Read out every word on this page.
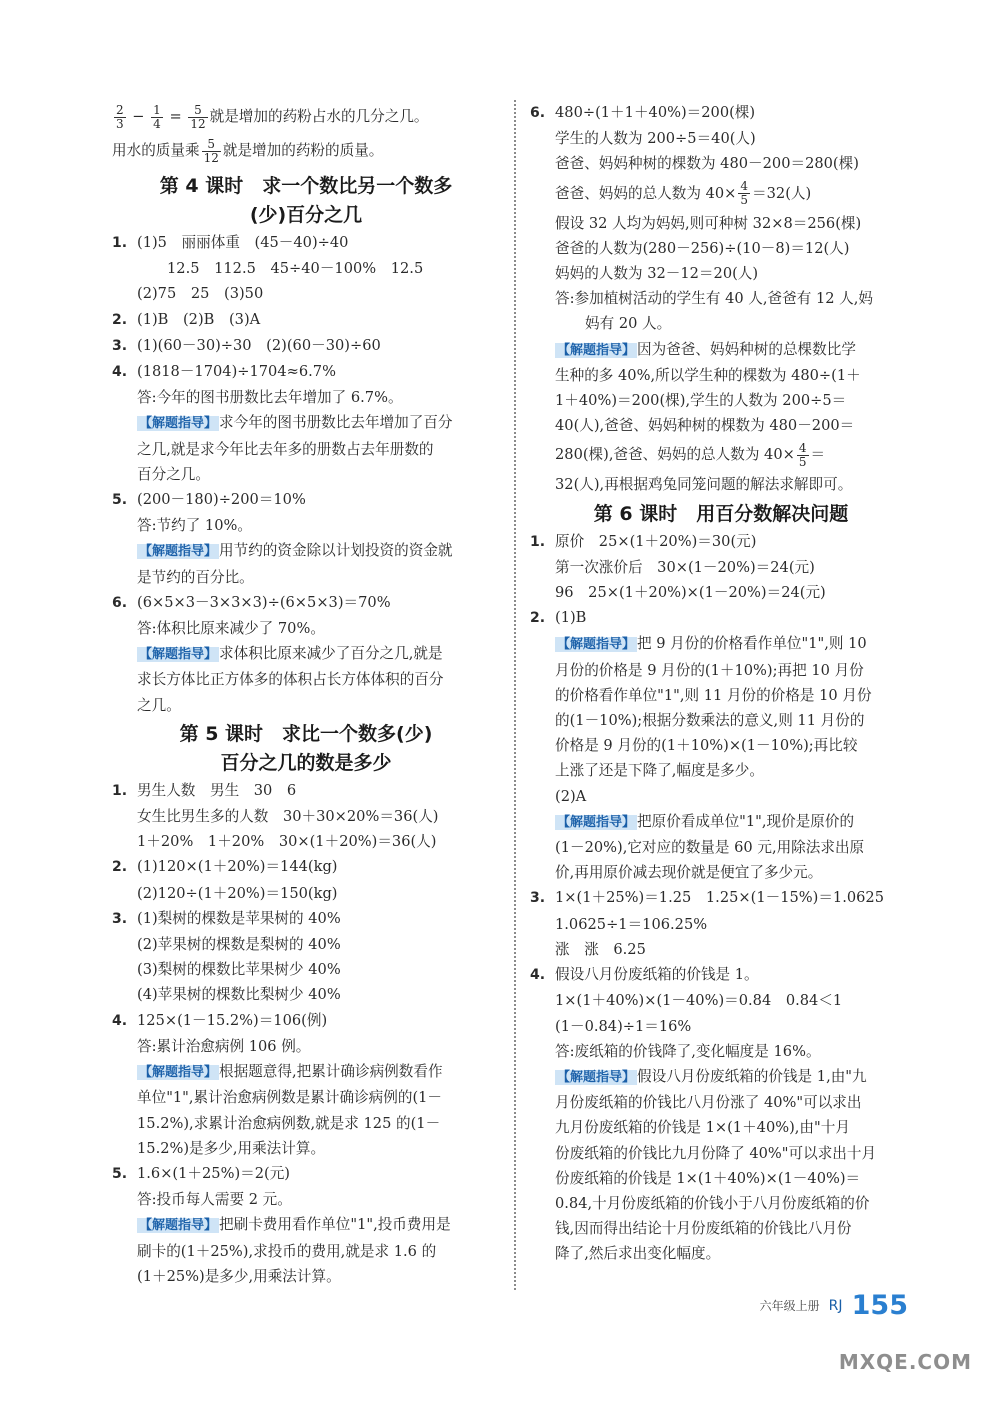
$\frac{2}{3} - \frac{1}{4} = \frac{5}{12}$ 就是增加的药粉占水的几分之几。
用水的质量乘 $\frac{5}{12}$ 就是增加的药粉的质量。
第 4 课时　求一个数比另一个数多
(少)百分之几
1. (1)5　丽丽体重　(45－40)÷40
12.5　112.5　45÷40－100%　12.5
(2)75　25　(3)50
2. (1)B　(2)B　(3)A
3. (1)(60－30)÷30　(2)(60－30)÷60
4. (1818－1704)÷1704≈6.7%
答:今年的图书册数比去年增加了 6.7%。
【解题指导】 求今年的图书册数比去年增加了百分
之几,就是求今年比去年多的册数占去年册数的
百分之几。
5. (200－180)÷200＝10%
答:节约了 10%。
【解题指导】 用节约的资金除以计划投资的资金就
是节约的百分比。
6. (6×5×3－3×3×3)÷(6×5×3)＝70%
答:体积比原来减少了 70%。
【解题指导】 求体积比原来减少了百分之几,就是
求长方体比正方体多的体积占长方体体积的百分
之几。
第 5 课时　求比一个数多(少)
百分之几的数是多少
1. 男生人数　男生　30　6
女生比男生多的人数　30＋30×20%＝36(人)
1＋20%　1＋20%　30×(1＋20%)＝36(人)
2. (1)120×(1＋20%)＝144(kg)
(2)120÷(1＋20%)＝150(kg)
3. (1)梨树的棵数是苹果树的 40%
(2)苹果树的棵数是梨树的 40%
(3)梨树的棵数比苹果树少 40%
(4)苹果树的棵数比梨树少 40%
4. 125×(1－15.2%)＝106(例)
答:累计治愈病例 106 例。
【解题指导】 根据题意得,把累计确诊病例数看作
单位"1",累计治愈病例数是累计确诊病例的(1－
15.2%),求累计治愈病例数,就是求 125 的(1－
15.2%)是多少,用乘法计算。
5. 1.6×(1＋25%)＝2(元)
答:投币每人需要 2 元。
【解题指导】 把刷卡费用看作单位"1",投币费用是
刷卡的(1＋25%),求投币的费用,就是求 1.6 的
(1＋25%)是多少,用乘法计算。
6. 480÷(1＋1＋40%)＝200(棵)
学生的人数为 200÷5＝40(人)
爸爸、妈妈种树的棵数为 480－200＝280(棵)
爸爸、妈妈的总人数为 $40\times \frac{4}{5} =32$(人)
假设 32 人均为妈妈,则可种树 32×8＝256(棵)
爸爸的人数为(280－256)÷(10－8)＝12(人)
妈妈的人数为 32－12＝20(人)
答:参加植树活动的学生有 40 人,爸爸有 12 人,妈
妈有 20 人。
【解题指导】 因为爸爸、妈妈种树的总棵数比学
生种的多 40%,所以学生种的棵数为 480÷(1＋
1＋40%)＝200(棵),学生的人数为 200÷5＝
40(人),爸爸、妈妈种树的棵数为 480－200＝
280(棵),爸爸、妈妈的总人数为 $40\times \frac{4}{5}$ ＝
32(人),再根据鸡兔同笼问题的解法求解即可。
第 6 课时　用百分数解决问题
1. 原价　25×(1＋20%)＝30(元)
第一次涨价后　30×(1－20%)＝24(元)
96　25×(1＋20%)×(1－20%)＝24(元)
2. (1)B
【解题指导】 把 9 月份的价格看作单位"1",则 10
月份的价格是 9 月份的(1＋10%);再把 10 月份
的价格看作单位"1",则 11 月份的价格是 10 月份
的(1－10%);根据分数乘法的意义,则 11 月份的
价格是 9 月份的(1＋10%)×(1－10%);再比较
上涨了还是下降了,幅度是多少。
(2)A
【解题指导】 把原价看成单位"1",现价是原价的
(1－20%),它对应的数量是 60 元,用除法求出原
价,再用原价减去现价就是便宜了多少元。
3. 1×(1＋25%)＝1.25　1.25×(1－15%)＝1.0625
1.0625÷1＝106.25%
涨　涨　6.25
4. 假设八月份废纸箱的价钱是 1。
1×(1＋40%)×(1－40%)＝0.84　0.84＜1
(1－0.84)÷1＝16%
答:废纸箱的价钱降了,变化幅度是 16%。
【解题指导】 假设八月份废纸箱的价钱是 1,由"九
月份废纸箱的价钱比八月份涨了 40%"可以求出
九月份废纸箱的价钱是 1×(1＋40%),由"十月
份废纸箱的价钱比九月份降了 40%"可以求出十月
份废纸箱的价钱是 1×(1＋40%)×(1－40%)＝
0.84,十月份废纸箱的价钱小于八月份废纸箱的价
钱,因而得出结论十月份废纸箱的价钱比八月份
降了,然后求出变化幅度。
$^{六年级上册}$ RJ 155
MXQE.COM
